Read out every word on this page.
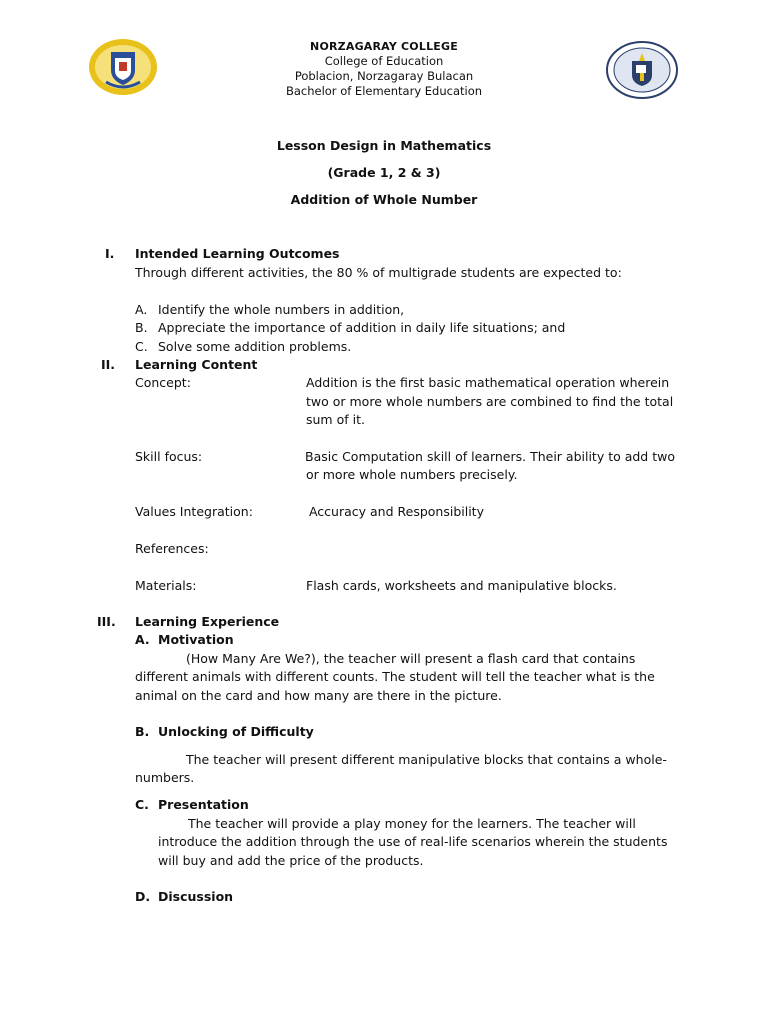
NORZAGARAY COLLEGE
College of Education
Poblacion, Norzagaray Bulacan
Bachelor of Elementary Education
Lesson Design in Mathematics
(Grade 1, 2 & 3)
Addition of Whole Number
I. Intended Learning Outcomes
Through different activities, the 80 % of multigrade students are expected to:
A. Identify the whole numbers in addition,
B. Appreciate the importance of addition in daily life situations; and
C. Solve some addition problems.
II. Learning Content
Concept:	Addition is the first basic mathematical operation wherein
two or more whole numbers are combined to find the total
sum of it.
Skill focus:	Basic Computation skill of learners. Their ability to add two
or more whole numbers precisely.
Values Integration:	Accuracy and Responsibility
References:
Materials:	Flash cards, worksheets and manipulative blocks.
III. Learning Experience
A. Motivation
(How Many Are We?), the teacher will present a flash card that contains
different animals with different counts. The student will tell the teacher what is the
animal on the card and how many are there in the picture.
B. Unlocking of Difficulty
The teacher will present different manipulative blocks that contains a whole-
numbers.
C. Presentation
The teacher will provide a play money for the learners. The teacher will
introduce the addition through the use of real-life scenarios wherein the students
will buy and add the price of the products.
D. Discussion
